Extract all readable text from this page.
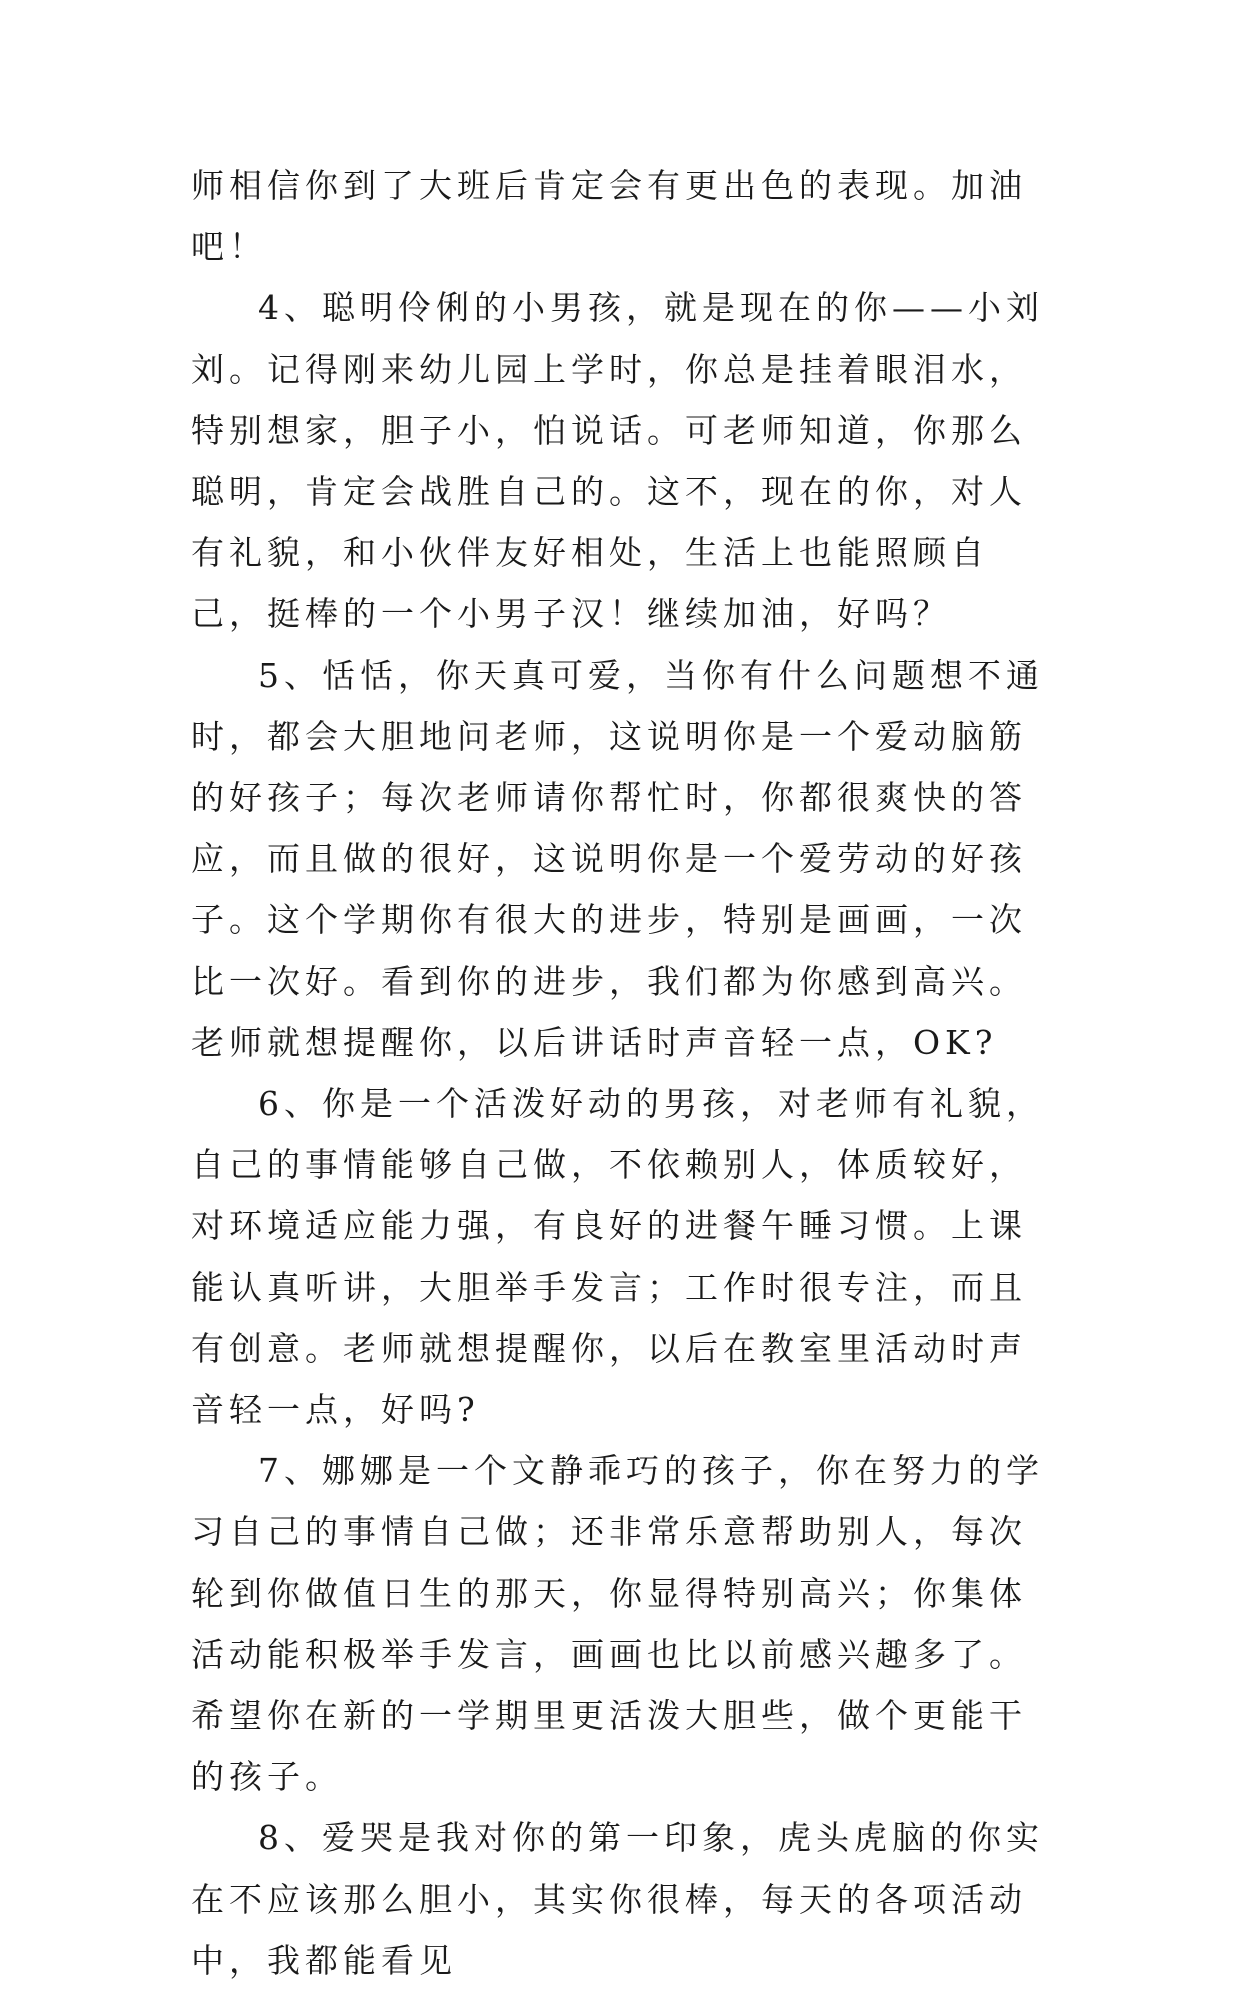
师相信你到了大班后肯定会有更出色的表现。加油吧！

4、聪明伶俐的小男孩，就是现在的你——小刘刘。记得刚来幼儿园上学时，你总是挂着眼泪水，特别想家，胆子小，怕说话。可老师知道，你那么聪明，肯定会战胜自己的。这不，现在的你，对人有礼貌，和小伙伴友好相处，生活上也能照顾自己，挺棒的一个小男子汉！继续加油，好吗？

5、恬恬，你天真可爱，当你有什么问题想不通时，都会大胆地问老师，这说明你是一个爱动脑筋的好孩子；每次老师请你帮忙时，你都很爽快的答应，而且做的很好，这说明你是一个爱劳动的好孩子。这个学期你有很大的进步，特别是画画，一次比一次好。看到你的进步，我们都为你感到高兴。老师就想提醒你，以后讲话时声音轻一点，OK?

6、你是一个活泼好动的男孩，对老师有礼貌，自己的事情能够自己做，不依赖别人，体质较好，对环境适应能力强，有良好的进餐午睡习惯。上课能认真听讲，大胆举手发言；工作时很专注，而且有创意。老师就想提醒你，以后在教室里活动时声音轻一点，好吗?

7、娜娜是一个文静乖巧的孩子，你在努力的学习自己的事情自己做；还非常乐意帮助别人，每次轮到你做值日生的那天，你显得特别高兴；你集体活动能积极举手发言，画画也比以前感兴趣多了。希望你在新的一学期里更活泼大胆些，做个更能干的孩子。

8、爱哭是我对你的第一印象，虎头虎脑的你实在不应该那么胆小，其实你很棒，每天的各项活动中，我都能看见
